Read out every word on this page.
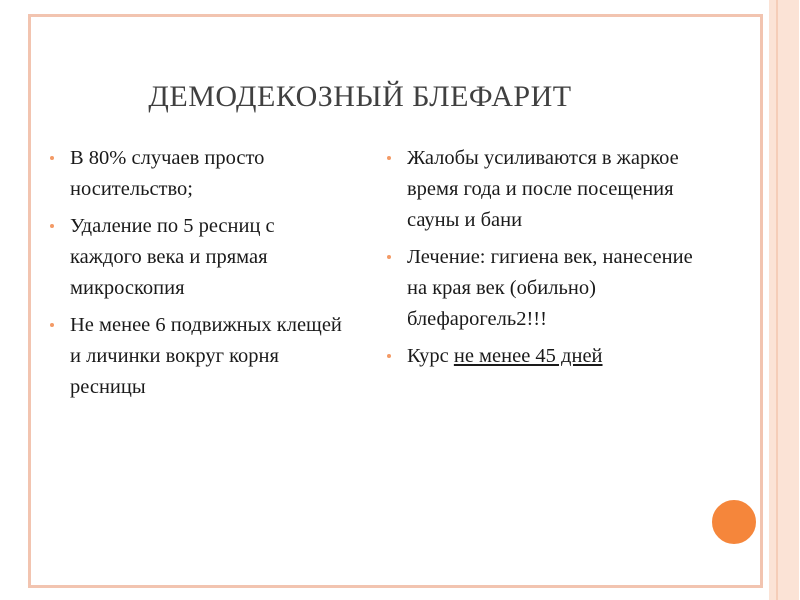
ДЕМОДЕКОЗНЫЙ БЛЕФАРИТ
В 80% случаев просто носительство;
Удаление по 5 ресниц с каждого века и прямая микроскопия
Не менее 6 подвижных клещей и личинки вокруг корня ресницы
Жалобы усиливаются в жаркое время года и после посещения сауны и бани
Лечение: гигиена век, нанесение на края век (обильно) блефарогель2!!!
Курс не менее 45 дней
